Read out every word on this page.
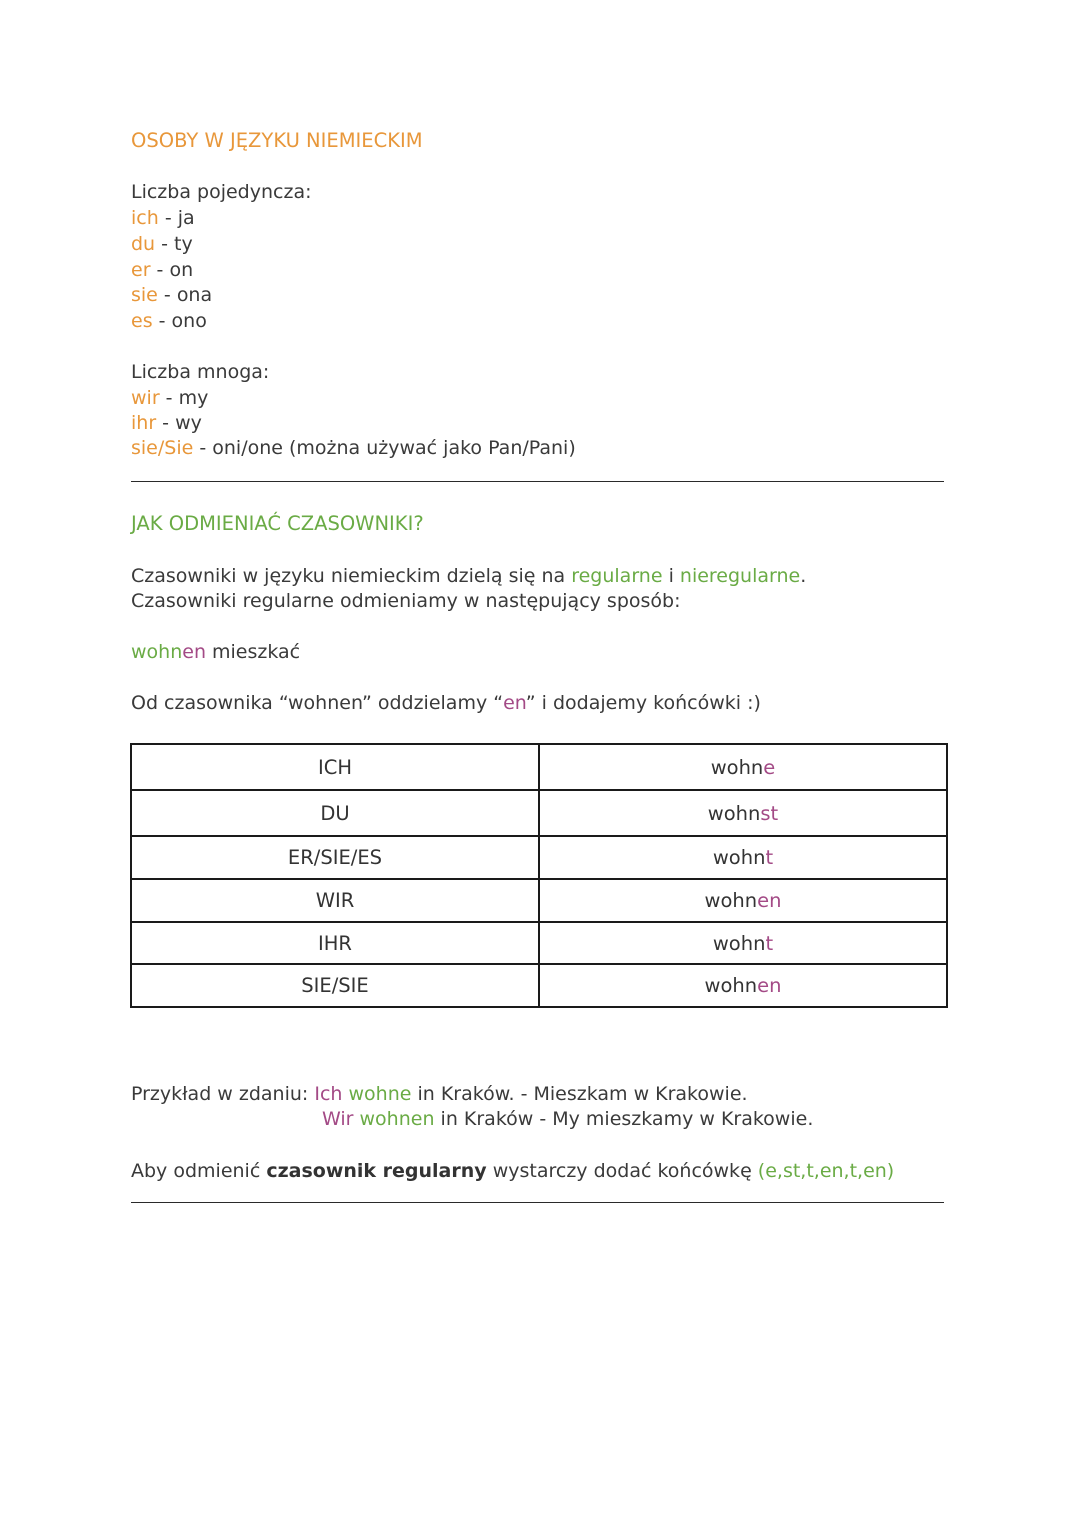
OSOBY W JĘZYKU NIEMIECKIM
Liczba pojedyncza:
ich - ja
du - ty
er - on
sie - ona
es - ono
Liczba mnoga:
wir - my
ihr - wy
sie/Sie - oni/one (można używać jako Pan/Pani)
JAK ODMIENIAĆ CZASOWNIKI?
Czasowniki w języku niemieckim dzielą się na regularne i nieregularne.
Czasowniki regularne odmieniamy w następujący sposób:
wohnen mieszkać
Od czasownika “wohnen” oddzielamy “en” i dodajemy końcówki :)
ICH	wohne
DU	wohnst
ER/SIE/ES	wohnt
WIR	wohnen
IHR	wohnt
SIE/SIE	wohnen
Przykład w zdaniu: Ich wohne in Kraków. - Mieszkam w Krakowie.
Wir wohnen in Kraków - My mieszkamy w Krakowie.
Aby odmienić czasownik regularny wystarczy dodać końcówkę (e,st,t,en,t,en)
